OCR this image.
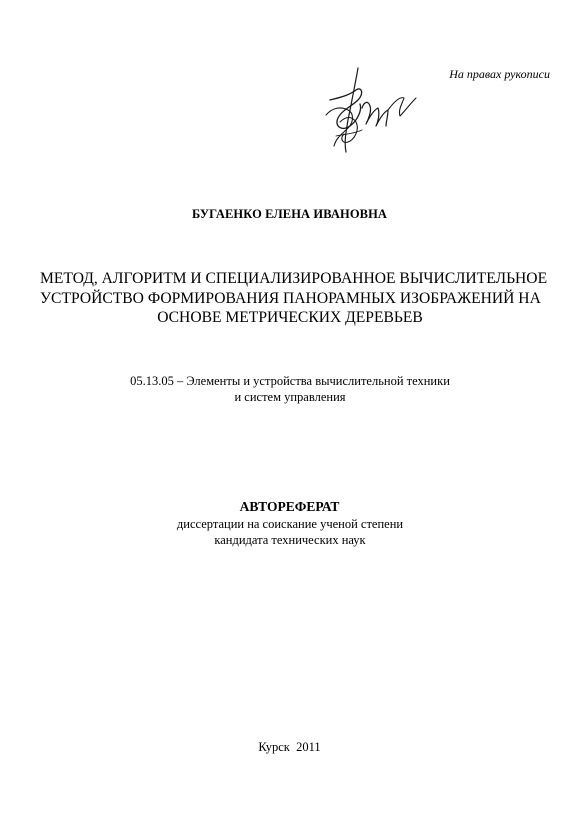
На правах рукописи
БУГАЕНКО ЕЛЕНА ИВАНОВНА
МЕТОД, АЛГОРИТМ И СПЕЦИАЛИЗИРОВАННОЕ ВЫЧИСЛИТЕЛЬНОЕ
УСТРОЙСТВО ФОРМИРОВАНИЯ ПАНОРАМНЫХ ИЗОБРАЖЕНИЙ НА
ОСНОВЕ МЕТРИЧЕСКИХ ДЕРЕВЬЕВ
05.13.05 – Элементы и устройства вычислительной техники
и систем управления
АВТОРЕФЕРАТ
диссертации на соискание ученой степени
кандидата технических наук
Курск  2011
